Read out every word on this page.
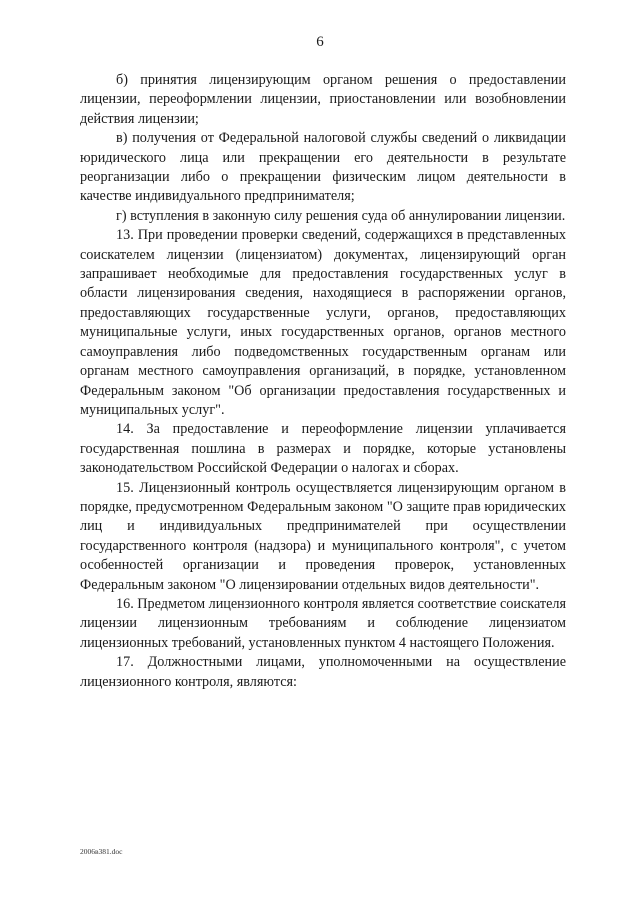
6

б) принятия лицензирующим органом решения о предоставлении лицензии, переоформлении лицензии, приостановлении или возобновлении действия лицензии;

в) получения от Федеральной налоговой службы сведений о ликвидации юридического лица или прекращении его деятельности в результате реорганизации либо о прекращении физическим лицом деятельности в качестве индивидуального предпринимателя;

г) вступления в законную силу решения суда об аннулировании лицензии.

13. При проведении проверки сведений, содержащихся в представленных соискателем лицензии (лицензиатом) документах, лицензирующий орган запрашивает необходимые для предоставления государственных услуг в области лицензирования сведения, находящиеся в распоряжении органов, предоставляющих государственные услуги, органов, предоставляющих муниципальные услуги, иных государственных органов, органов местного самоуправления либо подведомственных государственным органам или органам местного самоуправления организаций, в порядке, установленном Федеральным законом "Об организации предоставления государственных и муниципальных услуг".

14. За предоставление и переоформление лицензии уплачивается государственная пошлина в размерах и порядке, которые установлены законодательством Российской Федерации о налогах и сборах.

15. Лицензионный контроль осуществляется лицензирующим органом в порядке, предусмотренном Федеральным законом "О защите прав юридических лиц и индивидуальных предпринимателей при осуществлении государственного контроля (надзора) и муниципального контроля", с учетом особенностей организации и проведения проверок, установленных Федеральным законом "О лицензировании отдельных видов деятельности".

16. Предметом лицензионного контроля является соответствие соискателя лицензии лицензионным требованиям и соблюдение лицензиатом лицензионных требований, установленных пунктом 4 настоящего Положения.

17. Должностными лицами, уполномоченными на осуществление лицензионного контроля, являются:

2006в381.doc
